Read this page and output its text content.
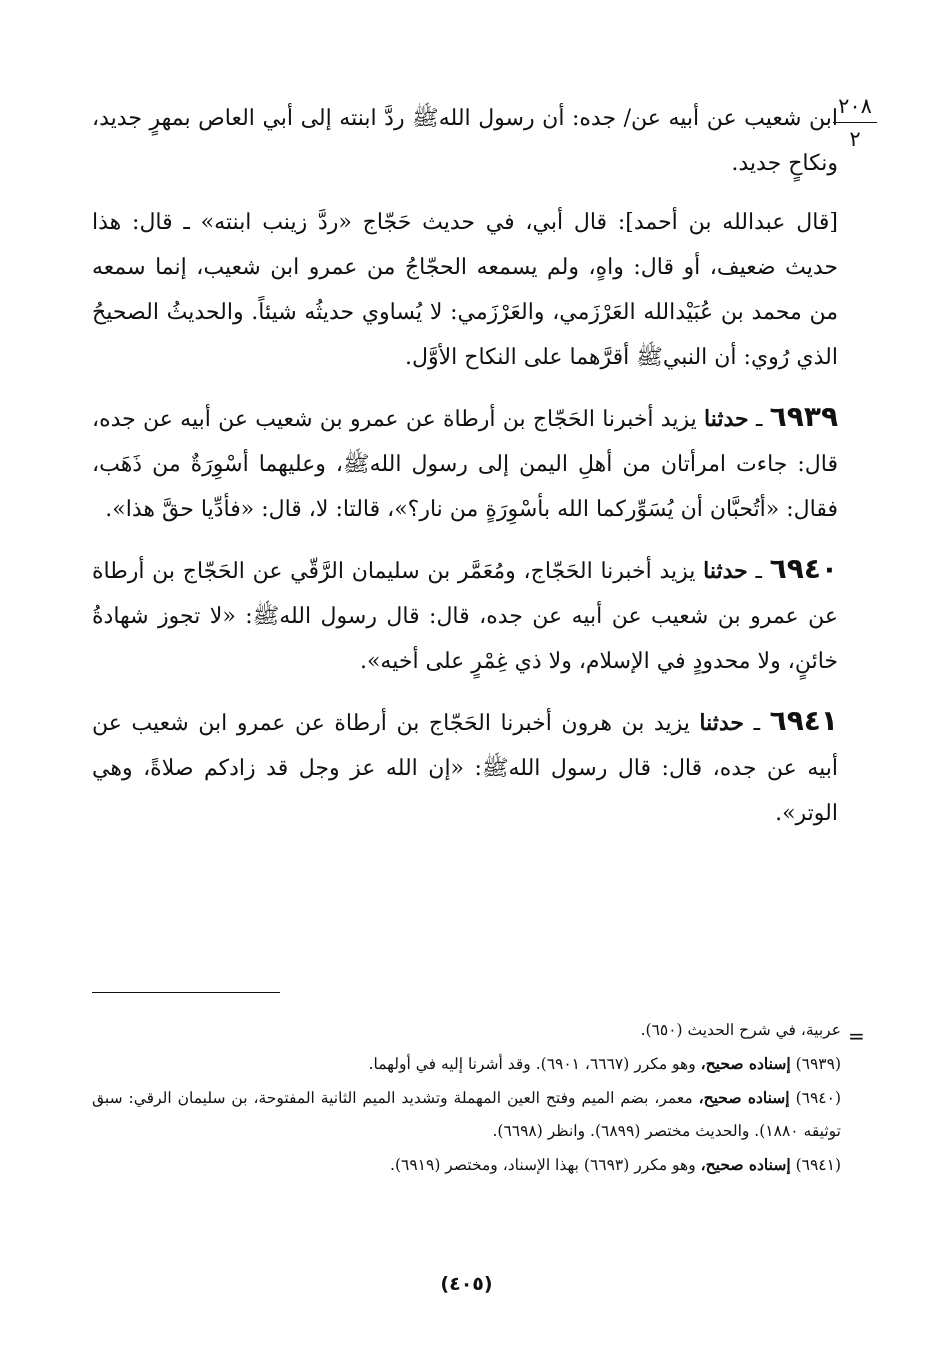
٢٠٨
٢

ابن شعيب عن أبيه عن/ جده: أن رسول اللهﷺ ردَّ ابنته إلى أبي العاص بمهرٍ جديد، ونكاحٍ جديد.

[قال عبدالله بن أحمد]: قال أبي، في حديث حَجّاج «ردَّ زينب ابنته» ـ قال: هذا حديث ضعيف، أو قال: واهٍ، ولم يسمعه الحجّاجُ من عمرو ابن شعيب، إنما سمعه من محمد بن عُبَيْدالله العَرْزَمي، والعَرْزَمي: لا يُساوي حديثُه شيئاً. والحديثُ الصحيحُ الذي رُوي: أن النبيﷺ أقرَّهما على النكاح الأوَّل.

٦٩٣٩ ـ حدثنا يزيد أخبرنا الحَجّاج بن أرطاة عن عمرو بن شعيب عن أبيه عن جده، قال: جاءت امرأتان من أهلِ اليمن إلى رسول اللهﷺ، وعليهما أسْوِرَةٌ من ذَهَب، فقال: «أتُحبَّان أن يُسَوِّركما الله بأسْوِرَةٍ من نار؟»، قالتا: لا، قال: «فأدِّيا حقَّ هذا».

٦٩٤٠ ـ حدثنا يزيد أخبرنا الحَجّاج، ومُعَمَّر بن سليمان الرَّقّي عن الحَجّاج بن أرطاة عن عمرو بن شعيب عن أبيه عن جده، قال: قال رسول اللهﷺ: «لا تجوز شهادةُ خائنٍ، ولا محدودٍ في الإسلام، ولا ذي غِمْرٍ على أخيه».

٦٩٤١ ـ حدثنا يزيد بن هرون أخبرنا الحَجّاج بن أرطاة عن عمرو ابن شعيب عن أبيه عن جده، قال: قال رسول اللهﷺ: «إن الله عز وجل قد زادكم صلاةً، وهي الوتر».

=

عربية، في شرح الحديث (٦٥٠).

(٦٩٣٩) إسناده صحيح، وهو مكرر (٦٦٦٧، ٦٩٠١). وقد أشرنا إليه في أولهما.

(٦٩٤٠) إسناده صحيح، معمر، بضم الميم وفتح العين المهملة وتشديد الميم الثانية المفتوحة، بن سليمان الرقي: سبق توثيقه ١٨٨٠). والحديث مختصر (٦٨٩٩). وانظر (٦٦٩٨).

(٦٩٤١) إسناده صحيح، وهو مكرر (٦٦٩٣) بهذا الإسناد، ومختصر (٦٩١٩).

(٤٠٥)
